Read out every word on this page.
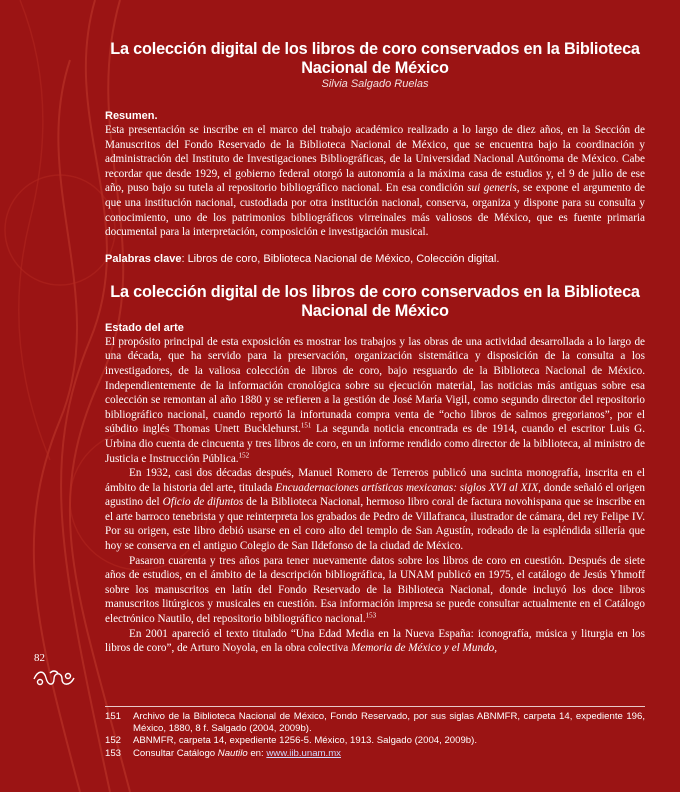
La colección digital de los libros de coro conservados en la Biblioteca Nacional de México
Silvia Salgado Ruelas
Resumen.

Esta presentación se inscribe en el marco del trabajo académico realizado a lo largo de diez años, en la Sección de Manuscritos del Fondo Reservado de la Biblioteca Nacional de México, que se encuentra bajo la coordinación y administración del Instituto de Investigaciones Bibliográficas, de la Universidad Nacional Autónoma de México. Cabe recordar que desde 1929, el gobierno federal otorgó la autonomía a la máxima casa de estudios y, el 9 de julio de ese año, puso bajo su tutela al repositorio bibliográfico nacional. En esa condición sui generis, se expone el argumento de que una institución nacional, custodiada por otra institución nacional, conserva, organiza y dispone para su consulta y conocimiento, uno de los patrimonios bibliográficos virreinales más valiosos de México, que es fuente primaria documental para la interpretación, composición e investigación musical.

Palabras clave: Libros de coro, Biblioteca Nacional de México, Colección digital.
La colección digital de los libros de coro conservados en la Biblioteca Nacional de México
Estado del arte

El propósito principal de esta exposición es mostrar los trabajos y las obras de una actividad desarrollada a lo largo de una década, que ha servido para la preservación, organización sistemática y disposición de la consulta a los investigadores, de la valiosa colección de libros de coro, bajo resguardo de la Biblioteca Nacional de México. Independientemente de la información cronológica sobre su ejecución material, las noticias más antiguas sobre esa colección se remontan al año 1880 y se refieren a la gestión de José María Vigil, como segundo director del repositorio bibliográfico nacional, cuando reportó la infortunada compra venta de “ocho libros de salmos gregorianos”, por el súbdito inglés Thomas Unett Bucklehurst.$^{151}$ La segunda noticia encontrada es de 1914, cuando el escritor Luis G. Urbina dio cuenta de cincuenta y tres libros de coro, en un informe rendido como director de la biblioteca, al ministro de Justicia e Instrucción Pública.$^{152}$

En 1932, casi dos décadas después, Manuel Romero de Terreros publicó una sucinta monografía, inscrita en el ámbito de la historia del arte, titulada Encuadernaciones artísticas mexicanas: siglos XVI al XIX, donde señaló el origen agustino del Oficio de difuntos de la Biblioteca Nacional, hermoso libro coral de factura novohispana que se inscribe en el arte barroco tenebrista y que reinterpreta los grabados de Pedro de Villafranca, ilustrador de cámara, del rey Felipe IV. Por su origen, este libro debió usarse en el coro alto del templo de San Agustín, rodeado de la espléndida sillería que hoy se conserva en el antiguo Colegio de San Ildefonso de la ciudad de México.

Pasaron cuarenta y tres años para tener nuevamente datos sobre los libros de coro en cuestión. Después de siete años de estudios, en el ámbito de la descripción bibliográfica, la UNAM publicó en 1975, el catálogo de Jesús Yhmoff sobre los manuscritos en latín del Fondo Reservado de la Biblioteca Nacional, donde incluyó los doce libros manuscritos litúrgicos y musicales en cuestión. Esa información impresa se puede consultar actualmente en el Catálogo electrónico Nautilo, del repositorio bibliográfico nacional.$^{153}$

En 2001 apareció el texto titulado “Una Edad Media en la Nueva España: iconografía, música y liturgia en los libros de coro”, de Arturo Noyola, en la obra colectiva Memoria de México y el Mundo,

82
151	Archivo de la Biblioteca Nacional de México, Fondo Reservado, por sus siglas ABNMFR, carpeta 14, expediente 196, México, 1880, 8 f. Salgado (2004, 2009b).
152	ABNMFR, carpeta 14, expediente 1256-5. México, 1913. Salgado (2004, 2009b).
153	Consultar Catálogo Nautilo en: www.iib.unam.mx
